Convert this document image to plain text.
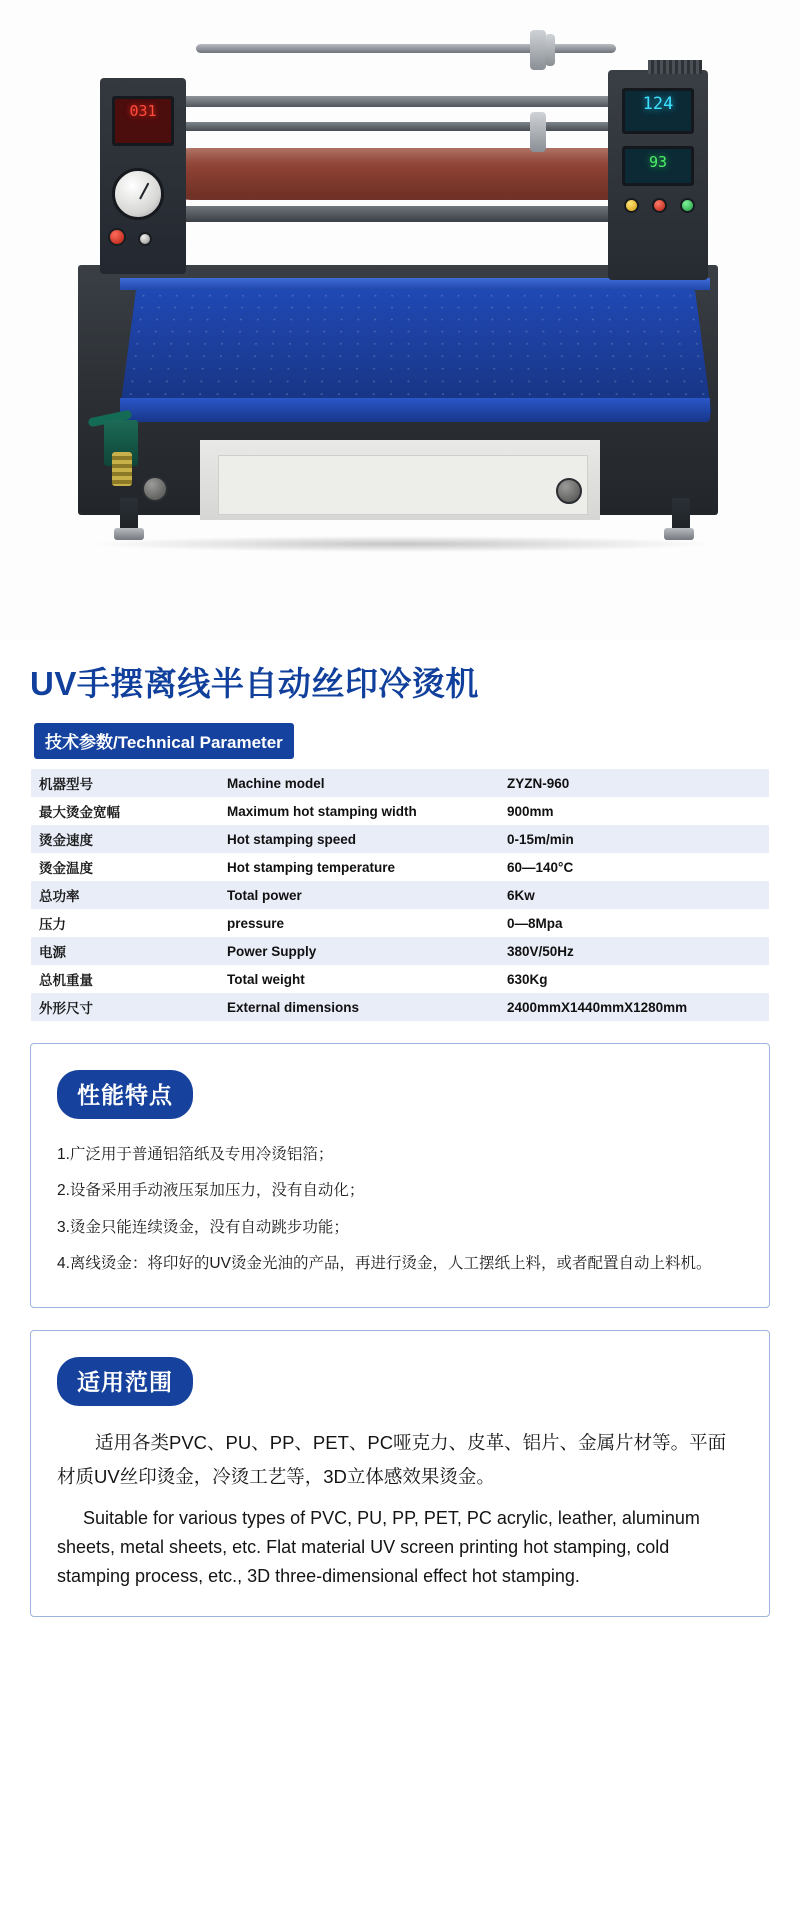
031	124
93
UV手摆离线半自动丝印冷烫机
技术参数/Technical Parameter
机器型号	Machine model	ZYZN-960
最大烫金宽幅	Maximum hot stamping width	900mm
烫金速度	Hot stamping speed	0-15m/min
烫金温度	Hot stamping temperature	60—140°C
总功率	Total power	6Kw
压力	pressure	0—8Mpa
电源	Power Supply	380V/50Hz
总机重量	Total weight	630Kg
外形尺寸	External dimensions	2400mmX1440mmX1280mm
性能特点
1.广泛用于普通铝箔纸及专用冷烫铝箔；
2.设备采用手动液压泵加压力，没有自动化；
3.烫金只能连续烫金，没有自动跳步功能；
4.离线烫金：将印好的UV烫金光油的产品，再进行烫金，人工摆纸上料，或者配置自动上料机。
适用范围
适用各类PVC、PU、PP、PET、PC哑克力、皮革、铝片、金属片材等。平面材质UV丝印烫金，冷烫工艺等，3D立体感效果烫金。
Suitable for various types of PVC, PU, PP, PET, PC acrylic, leather, aluminum sheets, metal sheets, etc. Flat material UV screen printing hot stamping, cold stamping process, etc., 3D three-dimensional effect hot stamping.
